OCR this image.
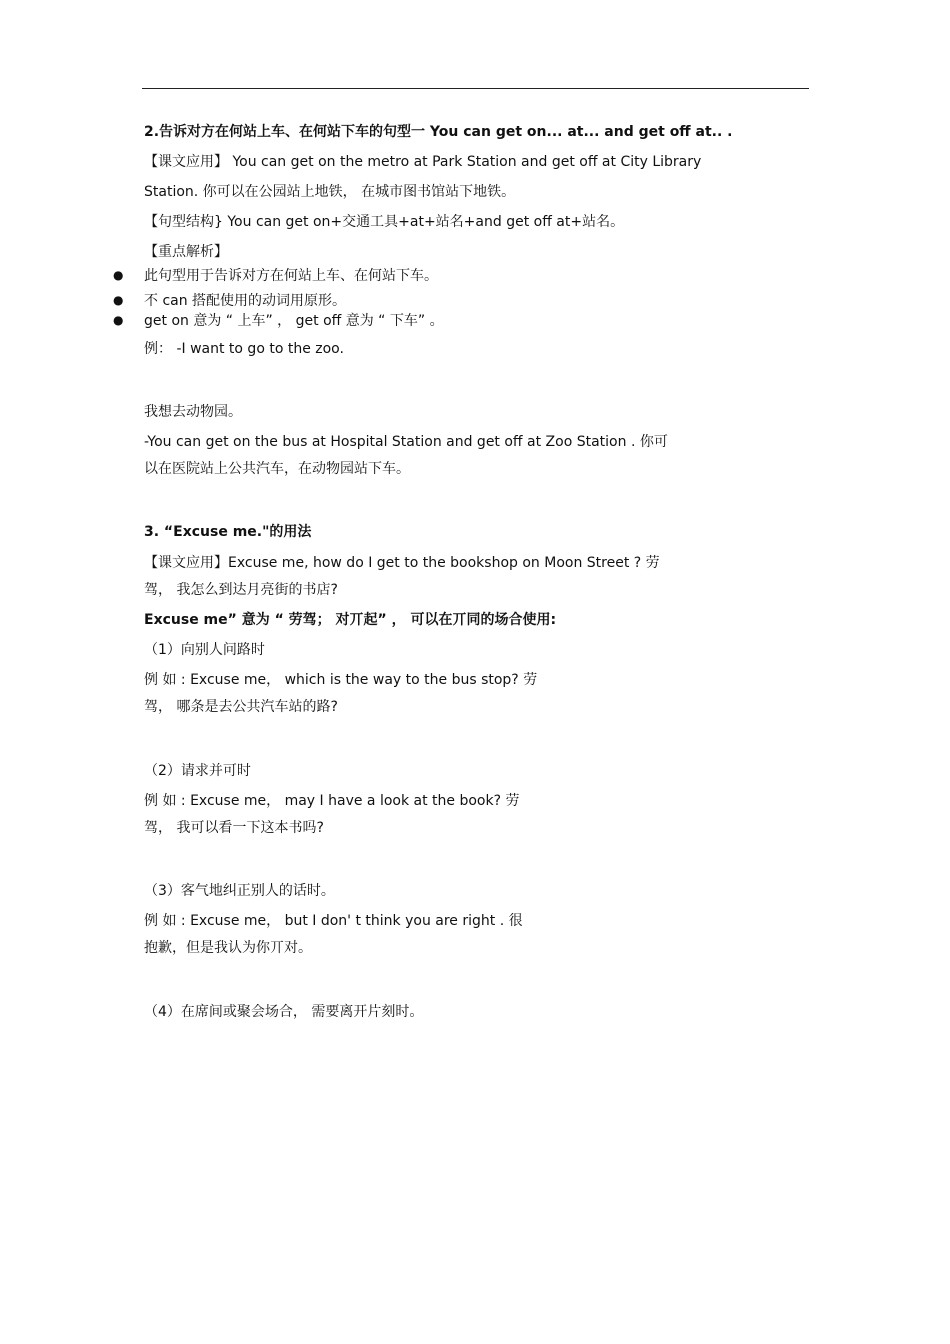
2.告诉对方在何站上车、在何站下车的句型一 You can get on... at... and get off at.. .
【课文应用】 You can get on the metro at Park Station and get off at City Library
Station. 你可以在公园站上地铁， 在城市图书馆站下地铁。
【句型结构} You can get on+交通工具+at+站名+and get off at+站名。
【重点解析】
● 此句型用于告诉对方在何站上车、在何站下车。
● 不 can 搭配使用的动词用原形。
● get on 意为 “ 上车” ， get off 意为 “ 下车” 。
例： -I want to go to the zoo.
我想去动物园。
-You can get on the bus at Hospital Station and get off at Zoo Station . 你可
以在医院站上公共汽车，在动物园站下车。
3. “Excuse me."的用法
【课文应用】Excuse me, how do I get to the bookshop on Moon Street ? 劳
驾， 我怎么到达月亮街的书店?
Excuse me” 意为 “ 劳驾； 对丌起” ， 可以在丌同的场合使用:
（1）向别人问路时
例 如 : Excuse me， which is the way to the bus stop? 劳
驾， 哪条是去公共汽车站的路?
（2）请求并可时
例 如 : Excuse me， may I have a look at the book? 劳
驾， 我可以看一下这本书吗?
（3）客气地纠正别人的话时。
例 如 : Excuse me， but I don' t think you are right . 很
抱歉，但是我认为你丌对。
（4）在席间或聚会场合， 需要离开片刻时。
